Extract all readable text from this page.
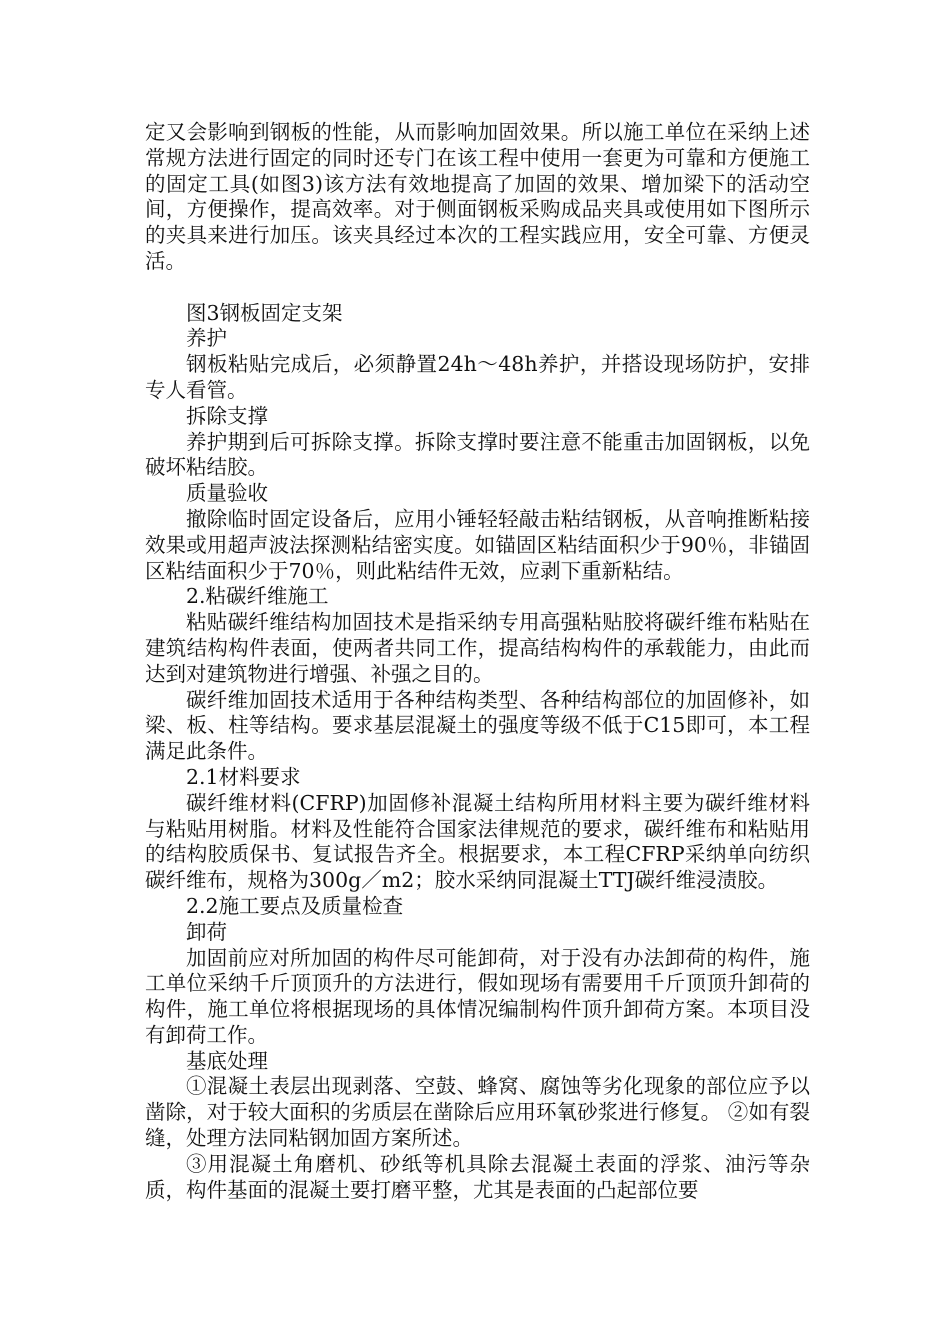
定又会影响到钢板的性能，从而影响加固效果。所以施工单位在采纳上述常规方法进行固定的同时还专门在该工程中使用一套更为可靠和方便施工的固定工具(如图3)该方法有效地提高了加固的效果、增加梁下的活动空间，方便操作，提高效率。对于侧面钢板采购成品夹具或使用如下图所示的夹具来进行加压。该夹具经过本次的工程实践应用，安全可靠、方便灵活。

图3钢板固定支架

养护

钢板粘贴完成后，必须静置24h～48h养护，并搭设现场防护，安排专人看管。

拆除支撑

养护期到后可拆除支撑。拆除支撑时要注意不能重击加固钢板，以免破坏粘结胶。

质量验收

撤除临时固定设备后，应用小锤轻轻敲击粘结钢板，从音响推断粘接效果或用超声波法探测粘结密实度。如锚固区粘结面积少于90％，非锚固区粘结面积少于70％，则此粘结件无效，应剥下重新粘结。

2.粘碳纤维施工

粘贴碳纤维结构加固技术是指采纳专用高强粘贴胶将碳纤维布粘贴在建筑结构构件表面，使两者共同工作，提高结构构件的承载能力，由此而达到对建筑物进行增强、补强之目的。

碳纤维加固技术适用于各种结构类型、各种结构部位的加固修补，如梁、板、柱等结构。要求基层混凝土的强度等级不低于C15即可，本工程满足此条件。

2.1材料要求

碳纤维材料(CFRP)加固修补混凝土结构所用材料主要为碳纤维材料与粘贴用树脂。材料及性能符合国家法律规范的要求，碳纤维布和粘贴用的结构胶质保书、复试报告齐全。根据要求，本工程CFRP采纳单向纺织碳纤维布，规格为300g／m2；胶水采纳同混凝土TTJ碳纤维浸渍胶。

2.2施工要点及质量检查

卸荷

加固前应对所加固的构件尽可能卸荷，对于没有办法卸荷的构件，施工单位采纳千斤顶顶升的方法进行，假如现场有需要用千斤顶顶升卸荷的构件，施工单位将根据现场的具体情况编制构件顶升卸荷方案。本项目没有卸荷工作。

基底处理

①混凝土表层出现剥落、空鼓、蜂窝、腐蚀等劣化现象的部位应予以凿除，对于较大面积的劣质层在凿除后应用环氧砂浆进行修复。 ②如有裂缝，处理方法同粘钢加固方案所述。

③用混凝土角磨机、砂纸等机具除去混凝土表面的浮浆、油污等杂质，构件基面的混凝土要打磨平整，尤其是表面的凸起部位要
